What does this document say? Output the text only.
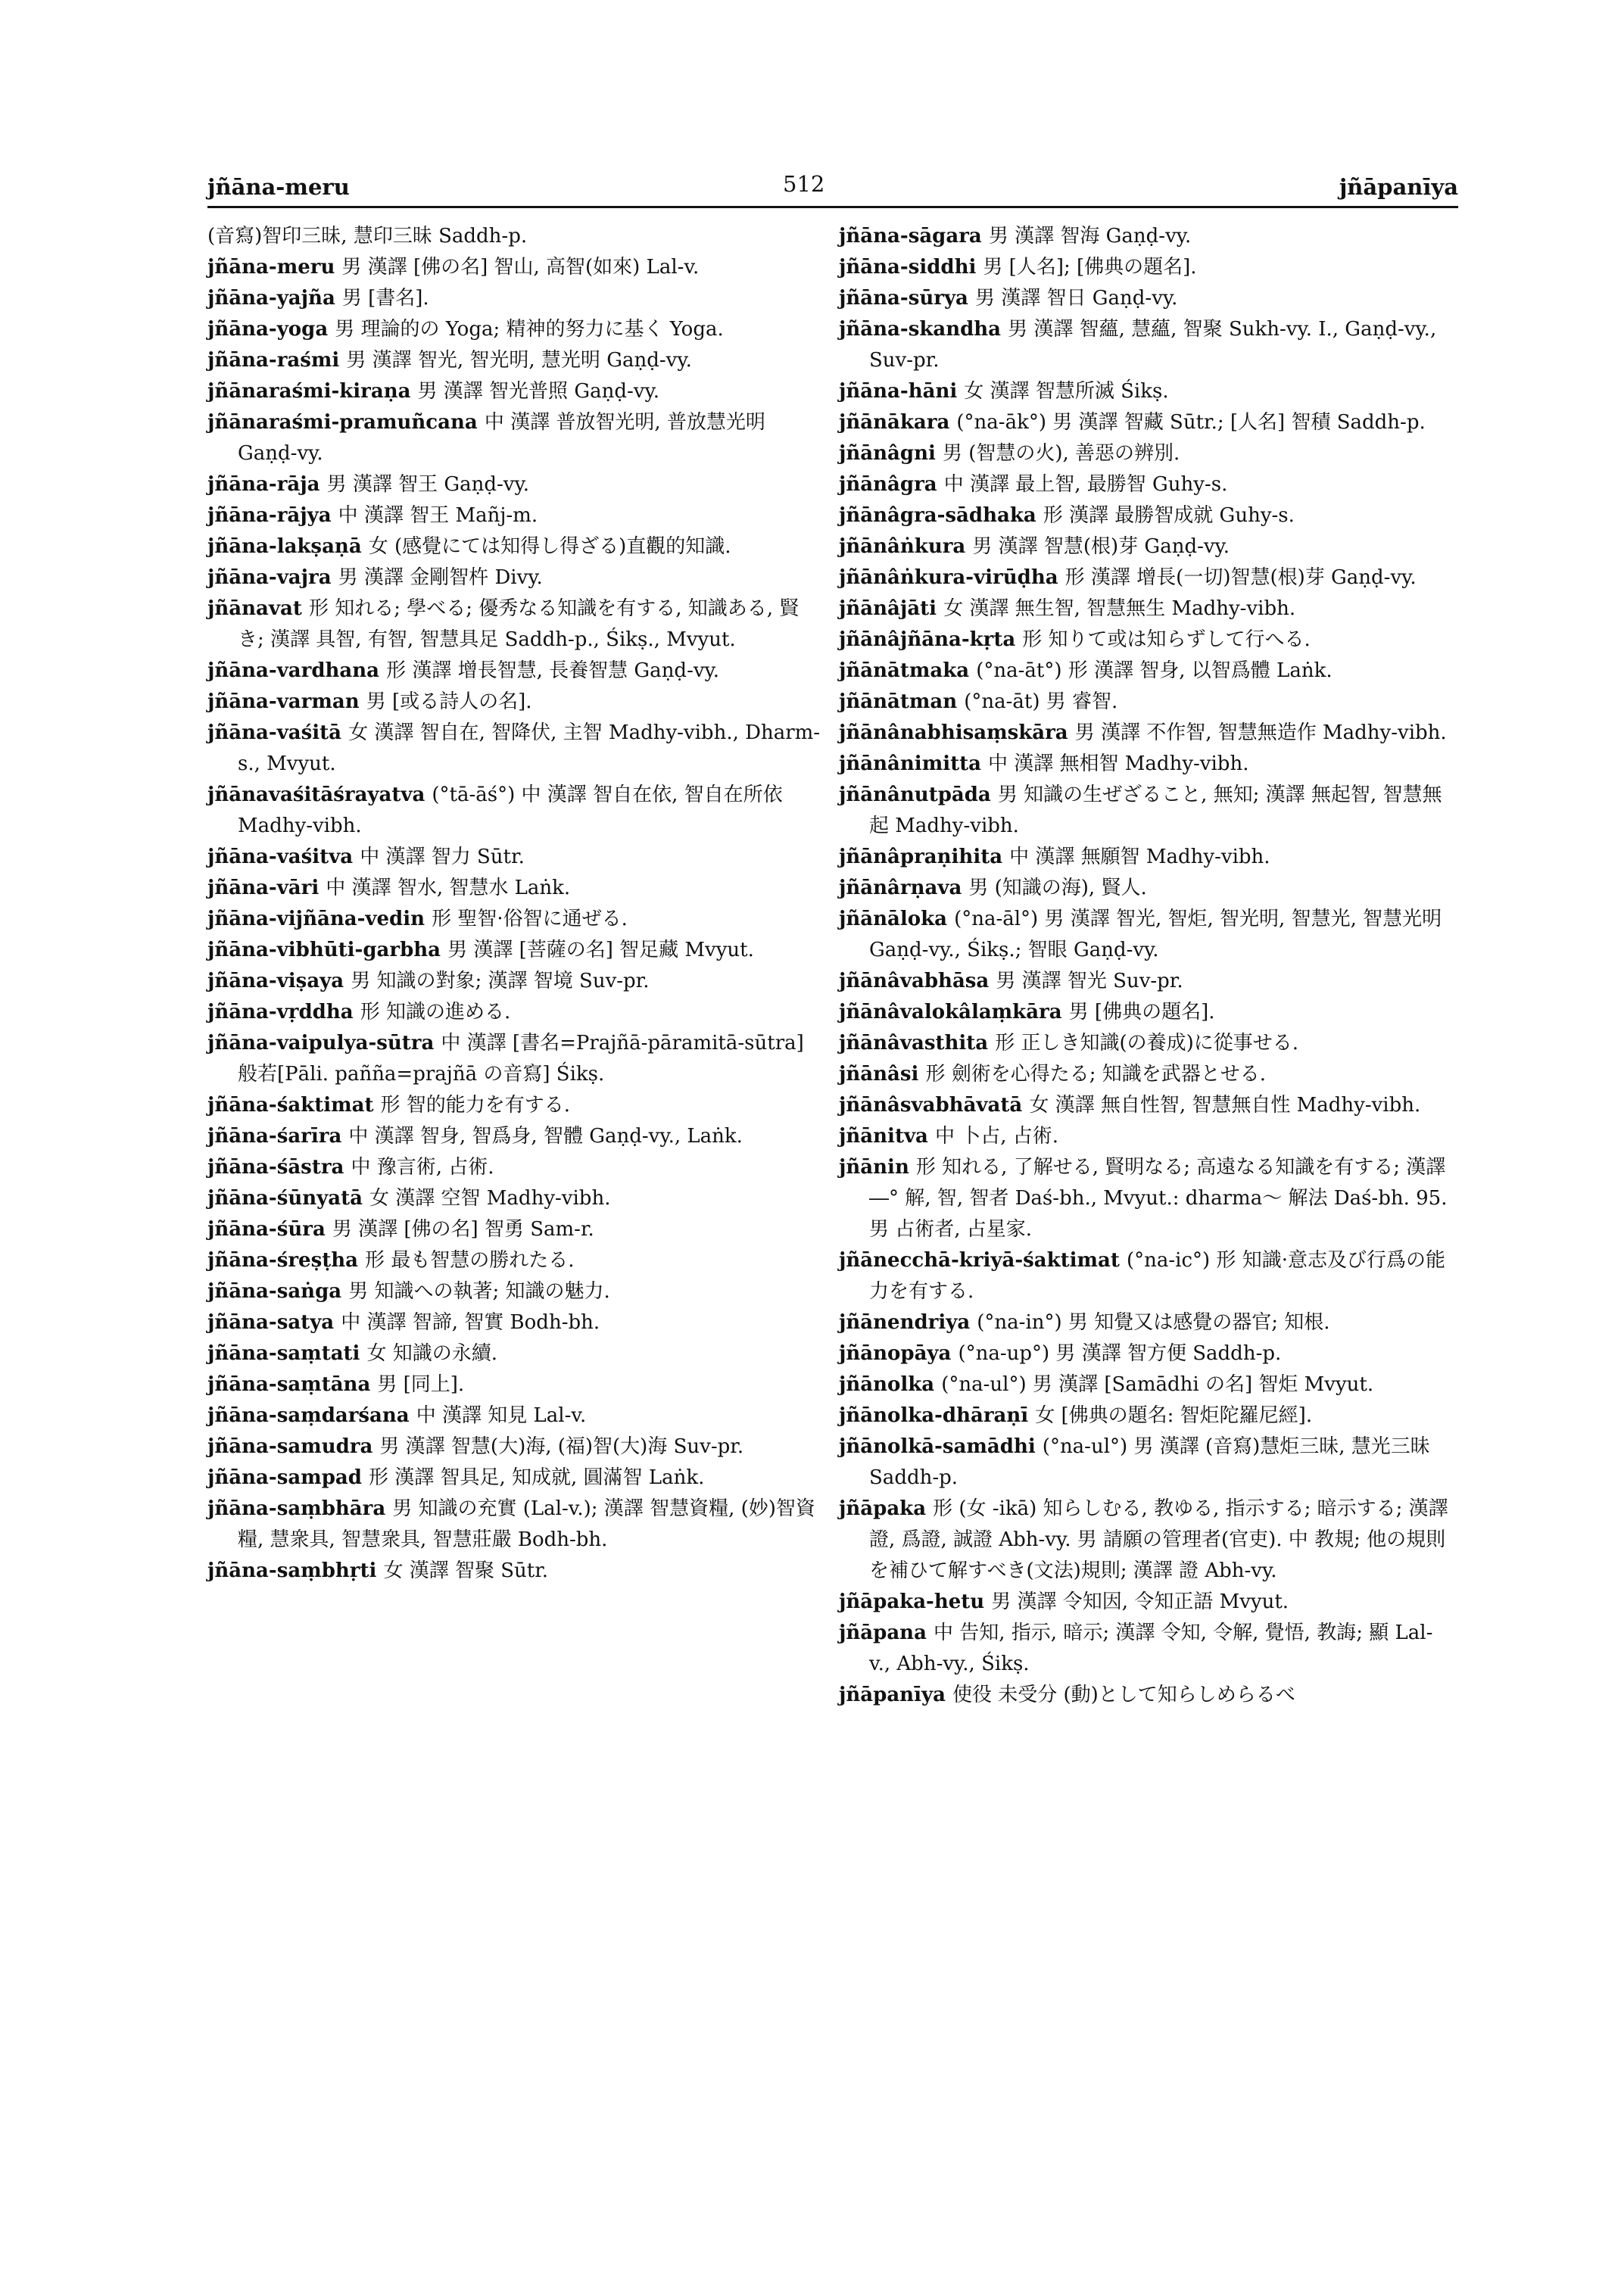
jñāna-meru	512	jñāpanīya

(音寫)智印三昧, 慧印三昧 Saddh-p.

jñāna-meru 男 漢譯 [佛の名] 智山, 高智(如來) Lal-v.

jñāna-yajña 男 [書名].

jñāna-yoga 男 理論的の Yoga; 精神的努力に基く Yoga.

jñāna-raśmi 男 漢譯 智光, 智光明, 慧光明 Gaṇḍ-vy.

jñānaraśmi-kiraṇa 男 漢譯 智光普照 Gaṇḍ-vy.

jñānaraśmi-pramuñcana 中 漢譯 普放智光明, 普放慧光明 Gaṇḍ-vy.

jñāna-rāja 男 漢譯 智王 Gaṇḍ-vy.

jñāna-rājya 中 漢譯 智王 Mañj-m.

jñāna-lakṣaṇā 女 (感覺にては知得し得ざる)直觀的知識.

jñāna-vajra 男 漢譯 金剛智杵 Divy.

jñānavat 形 知れる; 學べる; 優秀なる知識を有する, 知識ある, 賢き; 漢譯 具智, 有智, 智慧具足 Saddh-p., Śikṣ., Mvyut.

jñāna-vardhana 形 漢譯 增長智慧, 長養智慧 Gaṇḍ-vy.

jñāna-varman 男 [或る詩人の名].

jñāna-vaśitā 女 漢譯 智自在, 智降伏, 主智 Madhy-vibh., Dharm-s., Mvyut.

jñānavaśitāśrayatva (°tā-āś°) 中 漢譯 智自在依, 智自在所依 Madhy-vibh.

jñāna-vaśitva 中 漢譯 智力 Sūtr.

jñāna-vāri 中 漢譯 智水, 智慧水 Laṅk.

jñāna-vijñāna-vedin 形 聖智·俗智に通ぜる.

jñāna-vibhūti-garbha 男 漢譯 [菩薩の名] 智足藏 Mvyut.

jñāna-viṣaya 男 知識の對象; 漢譯 智境 Suv-pr.

jñāna-vṛddha 形 知識の進める.

jñāna-vaipulya-sūtra 中 漢譯 [書名=Prajñā-pāramitā-sūtra]般若[Pāli. pañña=prajñā の音寫] Śikṣ.

jñāna-śaktimat 形 智的能力を有する.

jñāna-śarīra 中 漢譯 智身, 智爲身, 智體 Gaṇḍ-vy., Laṅk.

jñāna-śāstra 中 豫言術, 占術.

jñāna-śūnyatā 女 漢譯 空智 Madhy-vibh.

jñāna-śūra 男 漢譯 [佛の名] 智勇 Sam-r.

jñāna-śreṣṭha 形 最も智慧の勝れたる.

jñāna-saṅga 男 知識への執著; 知識の魅力.

jñāna-satya 中 漢譯 智諦, 智實 Bodh-bh.

jñāna-saṃtati 女 知識の永續.

jñāna-saṃtāna 男 [同上].

jñāna-saṃdarśana 中 漢譯 知見 Lal-v.

jñāna-samudra 男 漢譯 智慧(大)海, (福)智(大)海 Suv-pr.

jñāna-sampad 形 漢譯 智具足, 知成就, 圓滿智 Laṅk.

jñāna-saṃbhāra 男 知識の充實 (Lal-v.); 漢譯 智慧資糧, (妙)智資糧, 慧衆具, 智慧衆具, 智慧莊嚴 Bodh-bh.

jñāna-saṃbhṛti 女 漢譯 智聚 Sūtr.

jñāna-sāgara 男 漢譯 智海 Gaṇḍ-vy.

jñāna-siddhi 男 [人名]; [佛典の題名].

jñāna-sūrya 男 漢譯 智日 Gaṇḍ-vy.

jñāna-skandha 男 漢譯 智蘊, 慧蘊, 智聚 Sukh-vy. I., Gaṇḍ-vy., Suv-pr.

jñāna-hāni 女 漢譯 智慧所滅 Śikṣ.

jñānākara (°na-āk°) 男 漢譯 智藏 Sūtr.; [人名] 智積 Saddh-p.

jñānâgni 男 (智慧の火), 善惡の辨別.

jñānâgra 中 漢譯 最上智, 最勝智 Guhy-s.

jñānâgra-sādhaka 形 漢譯 最勝智成就 Guhy-s.

jñānâṅkura 男 漢譯 智慧(根)芽 Gaṇḍ-vy.

jñānâṅkura-virūḍha 形 漢譯 增長(一切)智慧(根)芽 Gaṇḍ-vy.

jñānâjāti 女 漢譯 無生智, 智慧無生 Madhy-vibh.

jñānâjñāna-kṛta 形 知りて或は知らずして行へる.

jñānātmaka (°na-āt°) 形 漢譯 智身, 以智爲體 Laṅk.

jñānātman (°na-āt) 男 睿智.

jñānânabhisaṃskāra 男 漢譯 不作智, 智慧無造作 Madhy-vibh.

jñānânimitta 中 漢譯 無相智 Madhy-vibh.

jñānânutpāda 男 知識の生ぜざること, 無知; 漢譯 無起智, 智慧無起 Madhy-vibh.

jñānâpraṇihita 中 漢譯 無願智 Madhy-vibh.

jñānârṇava 男 (知識の海), 賢人.

jñānāloka (°na-āl°) 男 漢譯 智光, 智炬, 智光明, 智慧光, 智慧光明 Gaṇḍ-vy., Śikṣ.; 智眼 Gaṇḍ-vy.

jñānâvabhāsa 男 漢譯 智光 Suv-pr.

jñānâvalokâlaṃkāra 男 [佛典の題名].

jñānâvasthita 形 正しき知識(の養成)に從事せる.

jñānâsi 形 劍術を心得たる; 知識を武器とせる.

jñānâsvabhāvatā 女 漢譯 無自性智, 智慧無自性 Madhy-vibh.

jñānitva 中 卜占, 占術.

jñānin 形 知れる, 了解せる, 賢明なる; 高遠なる知識を有する; 漢譯 ―° 解, 智, 智者 Daś-bh., Mvyut.: dharma〜 解法 Daś-bh. 95. 男 占術者, 占星家.

jñānecchā-kriyā-śaktimat (°na-ic°) 形 知識·意志及び行爲の能力を有する.

jñānendriya (°na-in°) 男 知覺又は感覺の器官; 知根.

jñānopāya (°na-up°) 男 漢譯 智方便 Saddh-p.

jñānolka (°na-ul°) 男 漢譯 [Samādhi の名] 智炬 Mvyut.

jñānolka-dhāraṇī 女 [佛典の題名: 智炬陀羅尼經].

jñānolkā-samādhi (°na-ul°) 男 漢譯 (音寫)慧炬三昧, 慧光三昧 Saddh-p.

jñāpaka 形 (女 -ikā) 知らしむる, 教ゆる, 指示する; 暗示する; 漢譯 證, 爲證, 誠證 Abh-vy. 男 請願の管理者(官吏). 中 教規; 他の規則を補ひて解すべき(文法)規則; 漢譯 證 Abh-vy.

jñāpaka-hetu 男 漢譯 令知因, 令知正語 Mvyut.

jñāpana 中 告知, 指示, 暗示; 漢譯 令知, 令解, 覺悟, 教誨; 顯 Lal-v., Abh-vy., Śikṣ.

jñāpanīya 使役 未受分 (動)として知らしめらるべ
